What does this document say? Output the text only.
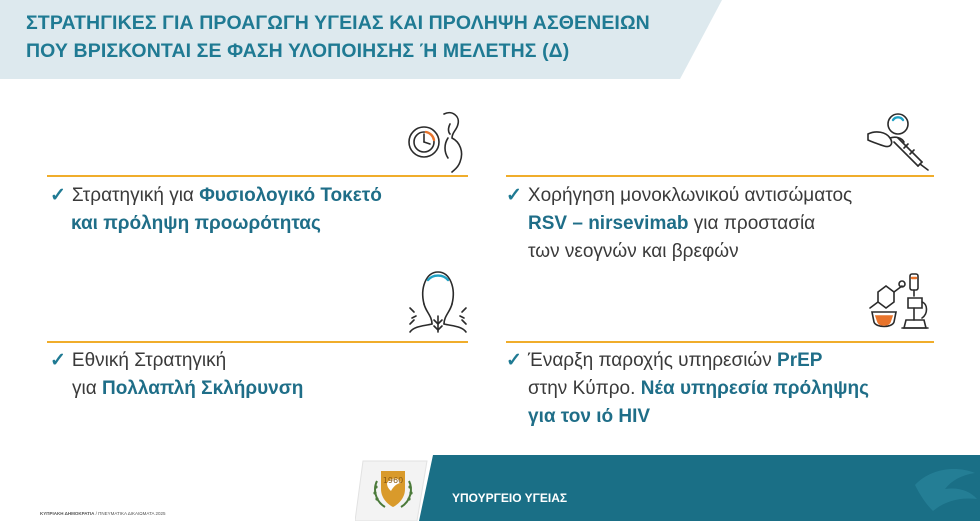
ΣΤΡΑΤΗΓΙΚΕΣ ΓΙΑ ΠΡΟΑΓΩΓΗ ΥΓΕΙΑΣ ΚΑΙ ΠΡΟΛΗΨΗ ΑΣΘΕΝΕΙΩΝ
ΠΟΥ ΒΡΙΣΚΟΝΤΑΙ ΣΕ ΦΑΣΗ ΥΛΟΠΟΙΗΣΗΣ Ή ΜΕΛΕΤΗΣ (Δ)
✓ Στρατηγική για Φυσιολογικό Τοκετό
και πρόληψη προωρότητας
✓ Χορήγηση μονοκλωνικού αντισώματος
RSV – nirsevimab για προστασία
των νεογνών και βρεφών
✓ Εθνική Στρατηγική
για Πολλαπλή Σκλήρυνση
✓ Έναρξη παροχής υπηρεσιών PrEP
στην Κύπρο. Νέα υπηρεσία πρόληψης
για τον ιό HIV
ΚΥΠΡΙΑΚΗ ΔΗΜΟΚΡΑΤΙΑ / ΠΝΕΥΜΑΤΙΚΑ ΔΙΚΑΙΩΜΑΤΑ 2025
1960
ΥΠΟΥΡΓΕΙΟ ΥΓΕΙΑΣ
